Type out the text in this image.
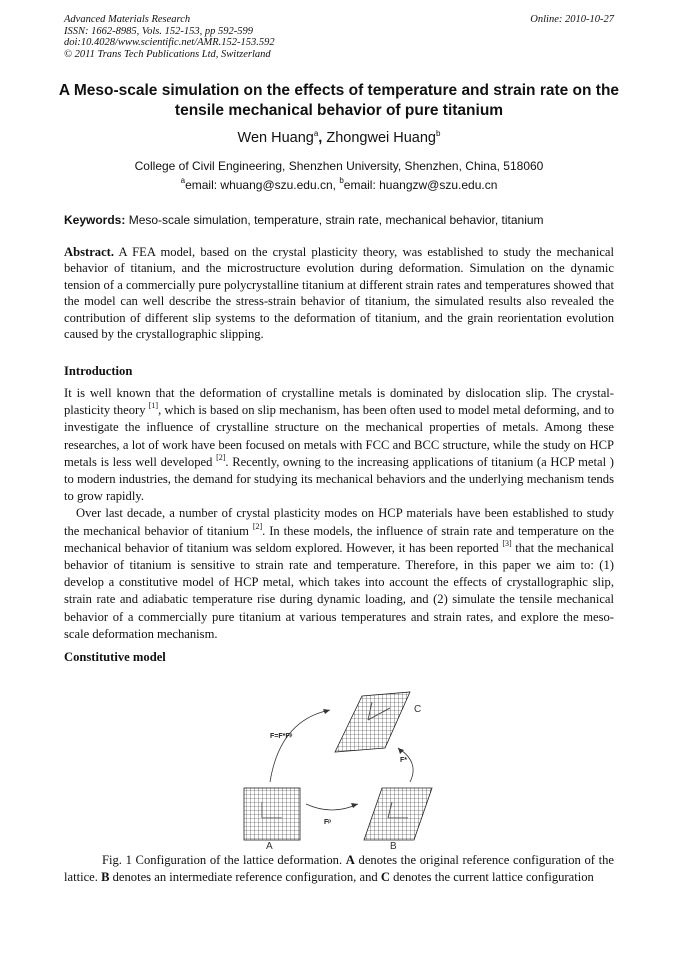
Advanced Materials Research
ISSN: 1662-8985, Vols. 152-153, pp 592-599
doi:10.4028/www.scientific.net/AMR.152-153.592
© 2011 Trans Tech Publications Ltd, Switzerland
Online: 2010-10-27
A Meso-scale simulation on the effects of temperature and strain rate on the tensile mechanical behavior of pure titanium
Wen Huang$^a$, Zhongwei Huang$^b$
College of Civil Engineering, Shenzhen University, Shenzhen, China, 518060
$^a$email: whuang@szu.edu.cn, $^b$email: huangzw@szu.edu.cn
Keywords: Meso-scale simulation, temperature, strain rate, mechanical behavior, titanium
Abstract. A FEA model, based on the crystal plasticity theory, was established to study the mechanical behavior of titanium, and the microstructure evolution during deformation. Simulation on the dynamic tension of a commercially pure polycrystalline titanium at different strain rates and temperatures showed that the model can well describe the stress-strain behavior of titanium, the simulated results also revealed the contribution of different slip systems to the deformation of titanium, and the grain reorientation evolution caused by the crystallographic slipping.
Introduction

It is well known that the deformation of crystalline metals is dominated by dislocation slip. The crystal-plasticity theory [1], which is based on slip mechanism, has been often used to model metal deforming, and to investigate the influence of crystalline structure on the mechanical properties of metals. Among these researches, a lot of work have been focused on metals with FCC and BCC structure, while the study on HCP metals is less well developed [2]. Recently, owning to the increasing applications of titanium (a HCP metal ) to modern industries, the demand for studying its mechanical behaviors and the underlying mechanism tends to grow rapidly.

Over last decade, a number of crystal plasticity modes on HCP materials have been established to study the mechanical behavior of titanium [2]. In these models, the influence of strain rate and temperature on the mechanical behavior of titanium was seldom explored. However, it has been reported [3] that the mechanical behavior of titanium is sensitive to strain rate and temperature. Therefore, in this paper we aim to: (1) develop a constitutive model of HCP metal, which takes into account the effects of crystallographic slip, strain rate and adiabatic temperature rise during dynamic loading, and (2) simulate the tensile mechanical behavior of a commercially pure titanium at various temperatures and strain rates, and explore the meso-scale deformation mechanism.

Constitutive model
C
A	B
F=F*Fᵖ
F*
Fᵖ
Fig. 1 Configuration of the lattice deformation. A denotes the original reference configuration of the lattice. B denotes an intermediate reference configuration, and C denotes the current lattice configuration
